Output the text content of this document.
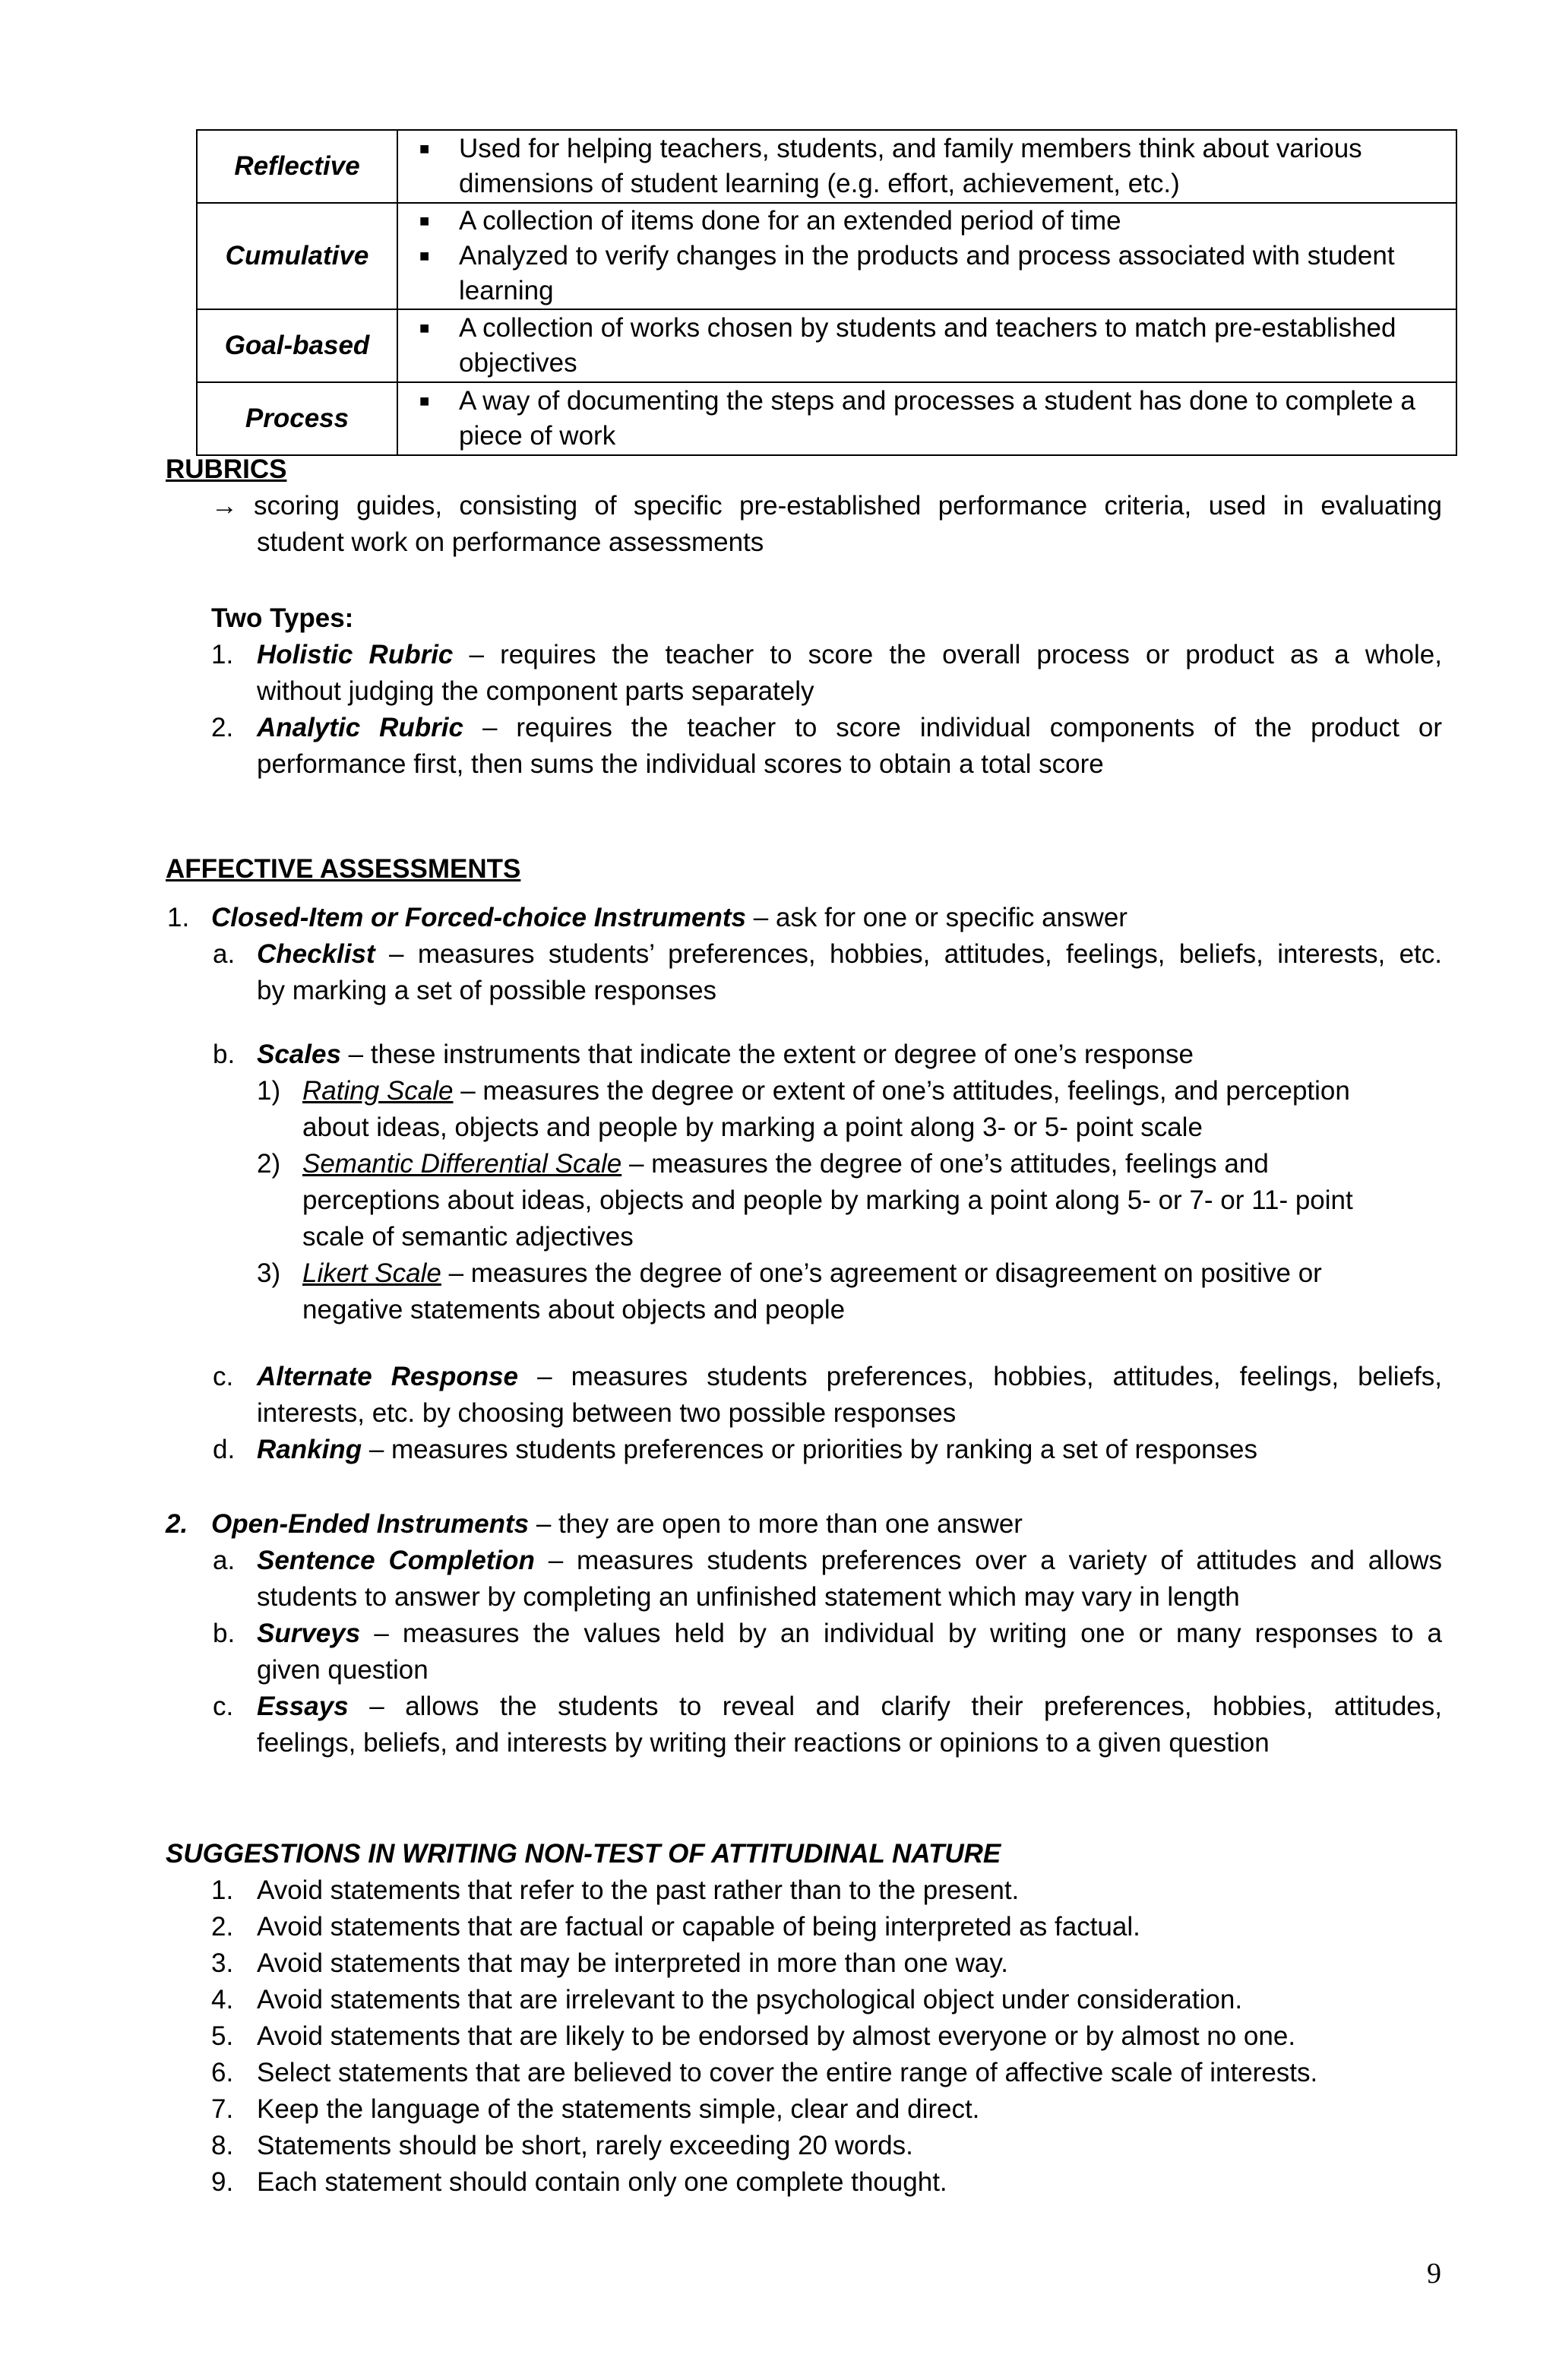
Reflective	■ Used for helping teachers, students, and family members think about various dimensions of student learning (e.g. effort, achievement, etc.)

Cumulative	■ A collection of items done for an extended period of time
■ Analyzed to verify changes in the products and process associated with student learning

Goal-based	■ A collection of works chosen by students and teachers to match pre-established objectives

Process	■ A way of documenting the steps and processes a student has done to complete a piece of work
RUBRICS
→ scoring guides, consisting of specific pre-established performance criteria, used in evaluating
student work on performance assessments
Two Types:
1. Holistic Rubric – requires the teacher to score the overall process or product as a whole,
without judging the component parts separately
2. Analytic Rubric – requires the teacher to score individual components of the product or
performance first, then sums the individual scores to obtain a total score
AFFECTIVE ASSESSMENTS
1. Closed-Item or Forced-choice Instruments – ask for one or specific answer
a. Checklist – measures students’ preferences, hobbies, attitudes, feelings, beliefs, interests, etc.
by marking a set of possible responses
b. Scales – these instruments that indicate the extent or degree of one’s response
1) Rating Scale – measures the degree or extent of one’s attitudes, feelings, and perception
about ideas, objects and people by marking a point along 3- or 5- point scale
2) Semantic Differential Scale – measures the degree of one’s attitudes, feelings and
perceptions about ideas, objects and people by marking a point along 5- or 7- or 11- point
scale of semantic adjectives
3) Likert Scale – measures the degree of one’s agreement or disagreement on positive or
negative statements about objects and people
c. Alternate Response – measures students preferences, hobbies, attitudes, feelings, beliefs,
interests, etc. by choosing between two possible responses
d. Ranking – measures students preferences or priorities by ranking a set of responses
2. Open-Ended Instruments – they are open to more than one answer
a. Sentence Completion – measures students preferences over a variety of attitudes and allows
students to answer by completing an unfinished statement which may vary in length
b. Surveys – measures the values held by an individual by writing one or many responses to a
given question
c. Essays – allows the students to reveal and clarify their preferences, hobbies, attitudes,
feelings, beliefs, and interests by writing their reactions or opinions to a given question
SUGGESTIONS IN WRITING NON-TEST OF ATTITUDINAL NATURE
1. Avoid statements that refer to the past rather than to the present.
2. Avoid statements that are factual or capable of being interpreted as factual.
3. Avoid statements that may be interpreted in more than one way.
4. Avoid statements that are irrelevant to the psychological object under consideration.
5. Avoid statements that are likely to be endorsed by almost everyone or by almost no one.
6. Select statements that are believed to cover the entire range of affective scale of interests.
7. Keep the language of the statements simple, clear and direct.
8. Statements should be short, rarely exceeding 20 words.
9. Each statement should contain only one complete thought.
9
